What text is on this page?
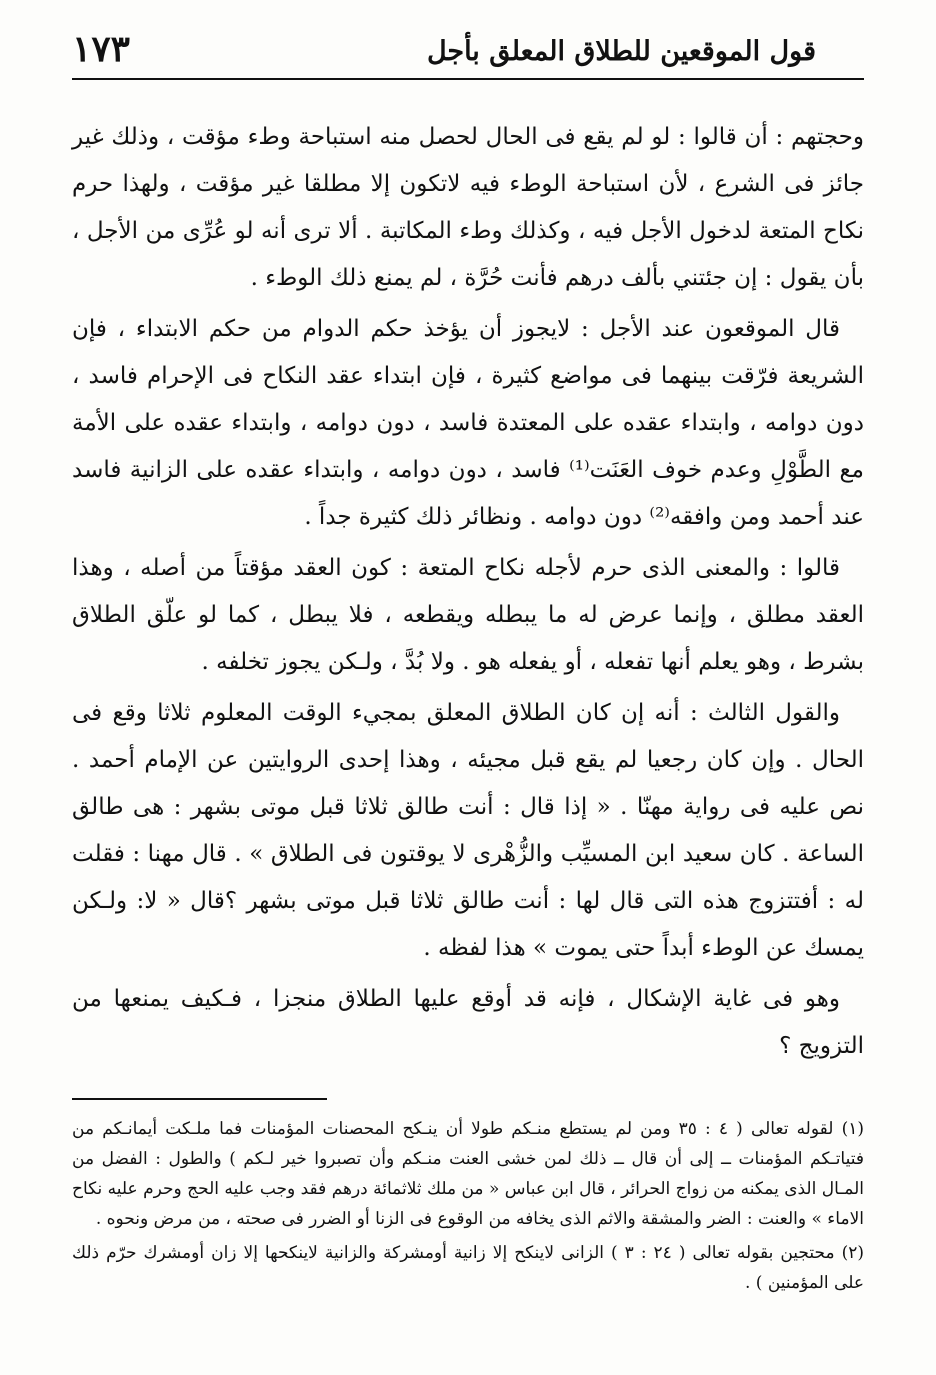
قول الموقعين للطلاق المعلق بأجل
١٧٣

وحجتهم : أن قالوا : لو لم يقع فى الحال لحصل منه استباحة وطء مؤقت ، وذلك غير جائز فى الشرع ، لأن استباحة الوطء فيه لاتكون إلا مطلقا غير مؤقت ، ولهذا حرم نكاح المتعة لدخول الأجل فيه ، وكذلك وطء المكاتبة . ألا ترى أنه لو عُرِّى من الأجل ، بأن يقول : إن جئتني بألف درهم فأنت حُرَّة ، لم يمنع ذلك الوطء .

قال الموقعون عند الأجل : لايجوز أن يؤخذ حكم الدوام من حكم الابتداء ، فإن الشريعة فرّقت بينهما فى مواضع كثيرة ، فإن ابتداء عقد النكاح فى الإحرام فاسد ، دون دوامه ، وابتداء عقده على المعتدة فاسد ، دون دوامه ، وابتداء عقده على الأمة مع الطَّوْلِ وعدم خوف العَنَت⁽¹⁾ فاسد ، دون دوامه ، وابتداء عقده على الزانية فاسد عند أحمد ومن وافقه⁽²⁾ دون دوامه . ونظائر ذلك كثيرة جداً .

قالوا : والمعنى الذى حرم لأجله نكاح المتعة : كون العقد مؤقتاً من أصله ، وهذا العقد مطلق ، وإنما عرض له ما يبطله ويقطعه ، فلا يبطل ، كما لو علّق الطلاق بشرط ، وهو يعلم أنها تفعله ، أو يفعله هو . ولا بُدَّ ، ولـكن يجوز تخلفه .

والقول الثالث : أنه إن كان الطلاق المعلق بمجيء الوقت المعلوم ثلاثا وقع فى الحال . وإن كان رجعيا لم يقع قبل مجيئه ، وهذا إحدى الروايتين عن الإمام أحمد . نص عليه فى رواية مهنّا . « إذا قال : أنت طالق ثلاثا قبل موتى بشهر : هى طالق الساعة . كان سعيد ابن المسيِّب والزُّهْرى لا يوقتون فى الطلاق » . قال مهنا : فقلت له : أفتتزوج هذه التى قال لها : أنت طالق ثلاثا قبل موتى بشهر ؟قال « لا: ولـكن يمسك عن الوطء أبداً حتى يموت » هذا لفظه .

وهو فى غاية الإشكال ، فإنه قد أوقع عليها الطلاق منجزا ، فـكيف يمنعها من التزويج ؟

(١) لقوله تعالى ( ٤ : ٣٥ ومن لم يستطع منـكم طولا أن ينـكح المحصنات المؤمنات فما ملـكت أيمانـكم من فتياتـكم المؤمنات ــ إلى أن قال ــ ذلك لمن خشى العنت منـكم وأن تصبروا خير لـكم ) والطول : الفضل من المـال الذى يمكنه من زواج الحرائر ، قال ابن عباس « من ملك ثلاثمائة درهم فقد وجب عليه الحج وحرم عليه نكاح الاماء » والعنت : الضر والمشقة والاثم الذى يخافه من الوقوع فى الزنا أو الضرر فى صحته ، من مرض ونحوه .

(٢) محتجين بقوله تعالى ( ٢٤ : ٣ ) الزانى لاينكح إلا زانية أومشركة والزانية لاينكحها إلا زان أومشرك حرّم ذلك على المؤمنين ) .
